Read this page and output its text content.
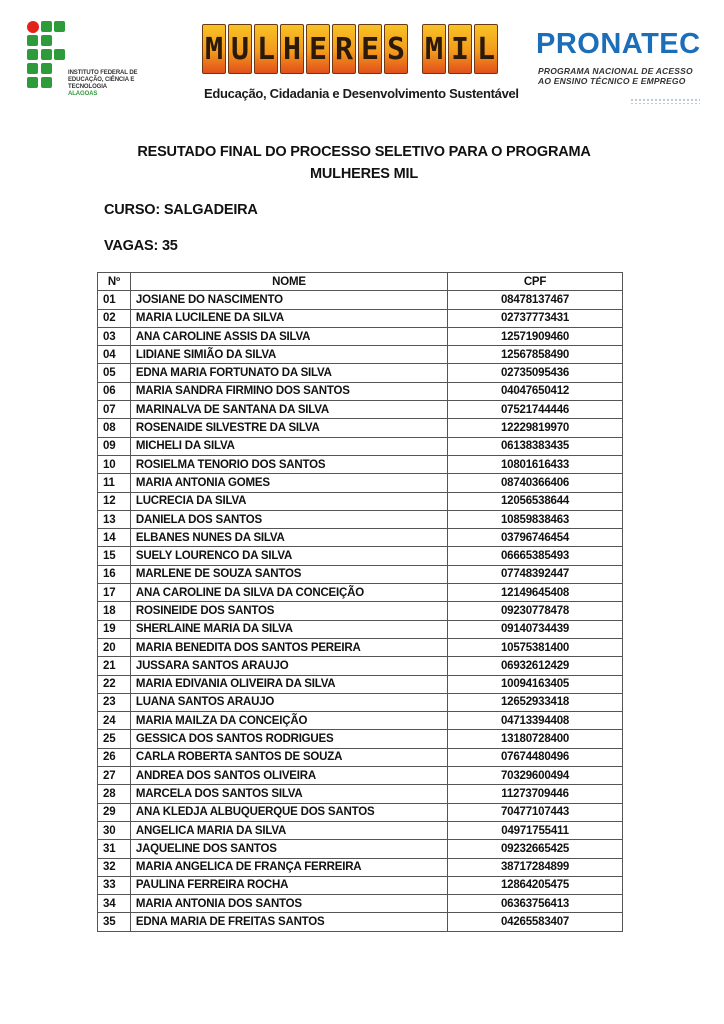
INSTITUTO FEDERAL DE
EDUCAÇÃO, CIÊNCIA E TECNOLOGIA
ALAGOAS
M U L H E R E S M I L
Educação, Cidadania e Desenvolvimento Sustentável
PRONATEC
PROGRAMA NACIONAL DE ACESSO
AO ENSINO TÉCNICO E EMPREGO
RESUTADO FINAL DO PROCESSO SELETIVO PARA O PROGRAMA
MULHERES MIL
CURSO: SALGADEIRA
VAGAS: 35
Nº	NOME	CPF
01	JOSIANE DO NASCIMENTO	08478137467
02	MARIA LUCILENE DA SILVA	02737773431
03	ANA CAROLINE ASSIS DA SILVA	12571909460
04	LIDIANE SIMIÃO DA SILVA	12567858490
05	EDNA MARIA FORTUNATO DA SILVA	02735095436
06	MARIA SANDRA FIRMINO DOS SANTOS	04047650412
07	MARINALVA DE SANTANA DA SILVA	07521744446
08	ROSENAIDE SILVESTRE DA SILVA	12229819970
09	MICHELI DA SILVA	06138383435
10	ROSIELMA TENORIO DOS SANTOS	10801616433
11	MARIA ANTONIA GOMES	08740366406
12	LUCRECIA DA SILVA	12056538644
13	DANIELA DOS SANTOS	10859838463
14	ELBANES NUNES DA SILVA	03796746454
15	SUELY LOURENCO DA SILVA	06665385493
16	MARLENE DE SOUZA SANTOS	07748392447
17	ANA CAROLINE DA SILVA DA CONCEIÇÃO	12149645408
18	ROSINEIDE DOS SANTOS	09230778478
19	SHERLAINE MARIA DA SILVA	09140734439
20	MARIA BENEDITA DOS SANTOS PEREIRA	10575381400
21	JUSSARA SANTOS ARAUJO	06932612429
22	MARIA EDIVANIA OLIVEIRA DA SILVA	10094163405
23	LUANA SANTOS ARAUJO	12652933418
24	MARIA MAILZA DA CONCEIÇÃO	04713394408
25	GESSICA DOS SANTOS RODRIGUES	13180728400
26	CARLA ROBERTA SANTOS DE SOUZA	07674480496
27	ANDREA DOS SANTOS OLIVEIRA	70329600494
28	MARCELA DOS SANTOS SILVA	11273709446
29	ANA KLEDJA ALBUQUERQUE DOS SANTOS	70477107443
30	ANGELICA MARIA DA SILVA	04971755411
31	JAQUELINE DOS SANTOS	09232665425
32	MARIA ANGELICA DE FRANÇA FERREIRA	38717284899
33	PAULINA FERREIRA ROCHA	12864205475
34	MARIA ANTONIA DOS SANTOS	06363756413
35	EDNA MARIA DE FREITAS SANTOS	04265583407
